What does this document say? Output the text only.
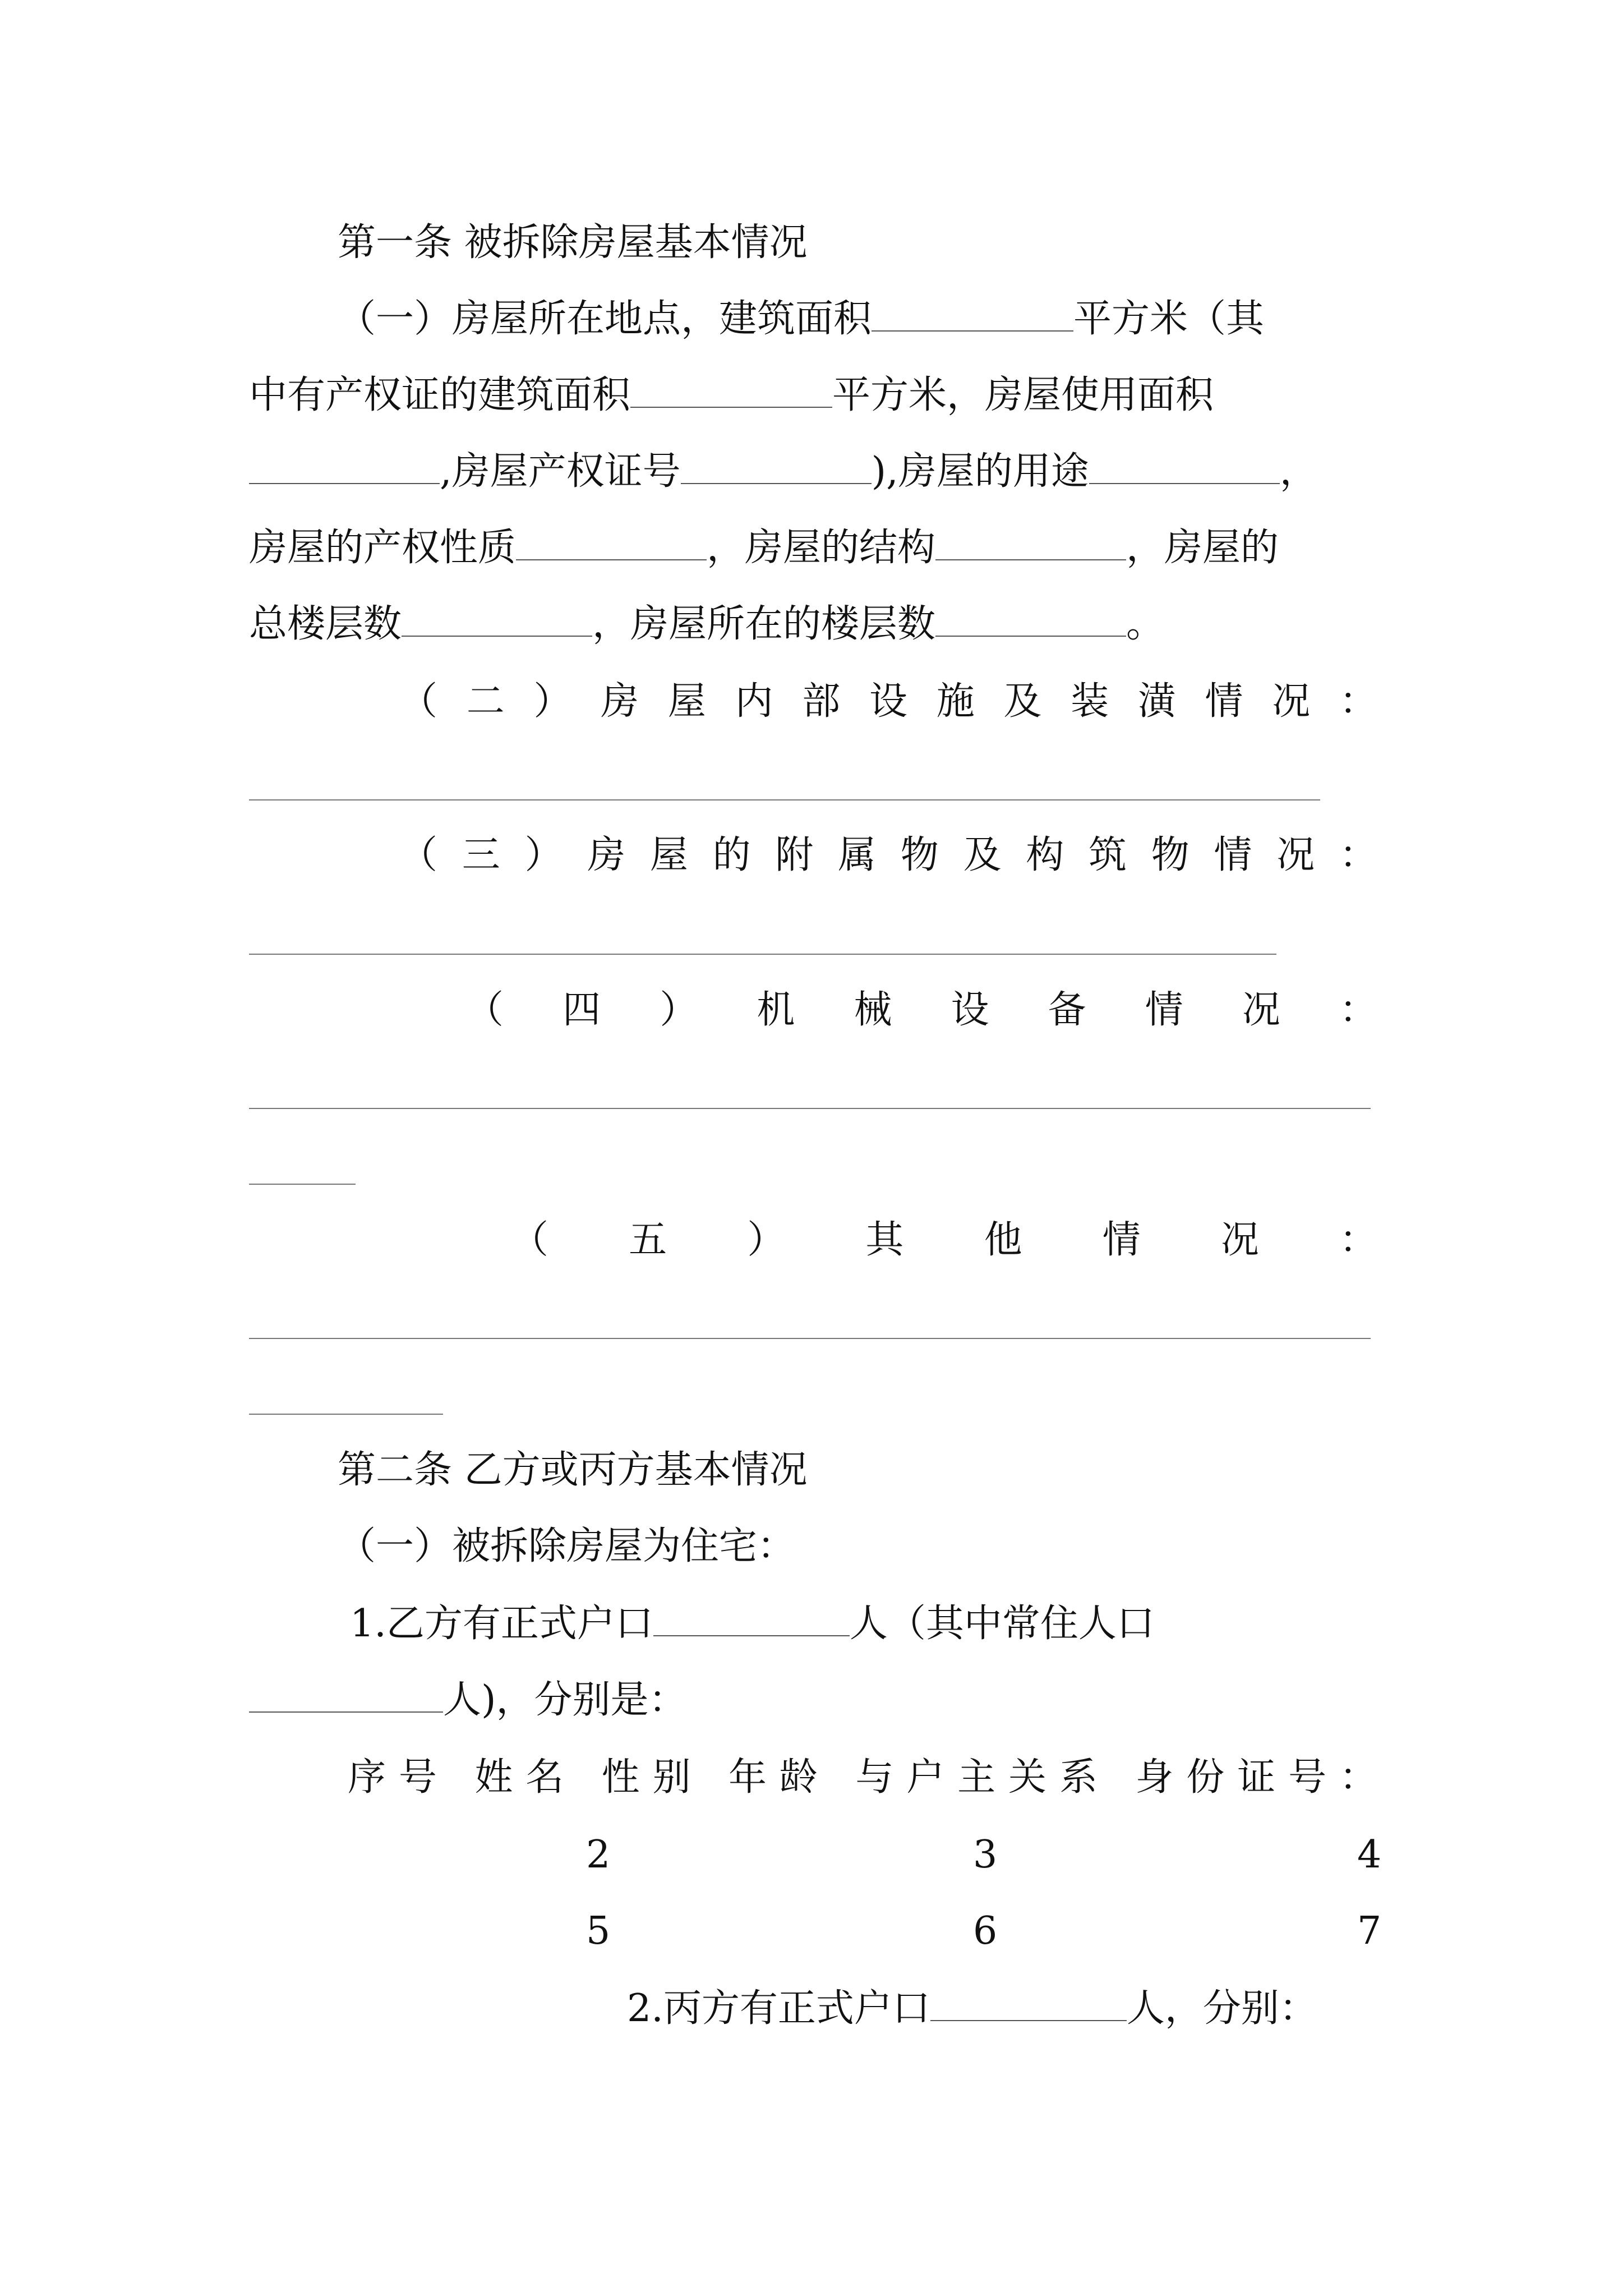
第一条 被拆除房屋基本情况
（一）房屋所在地点，建筑面积	平方米（其
中有产权证的建筑面积	平方米，房屋使用面积
,房屋产权证号	),房屋的用途	，
房屋的产权性质	，房屋的结构	，房屋的
总楼层数	，房屋所在的楼层数	。
（二）房屋内部设施及装潢情况：
（三）房屋的附属物及构筑物情况：
（四）机械设备情况：
（五）其他情况：
第二条 乙方或丙方基本情况
（一）被拆除房屋为住宅：
1.乙方有正式户口	人（其中常住人口
人)，分别是：
序号 姓名 性别 年龄 与户主关系 身份证号：
2	3	4
5	6	7
2.丙方有正式户口	人，分别：
